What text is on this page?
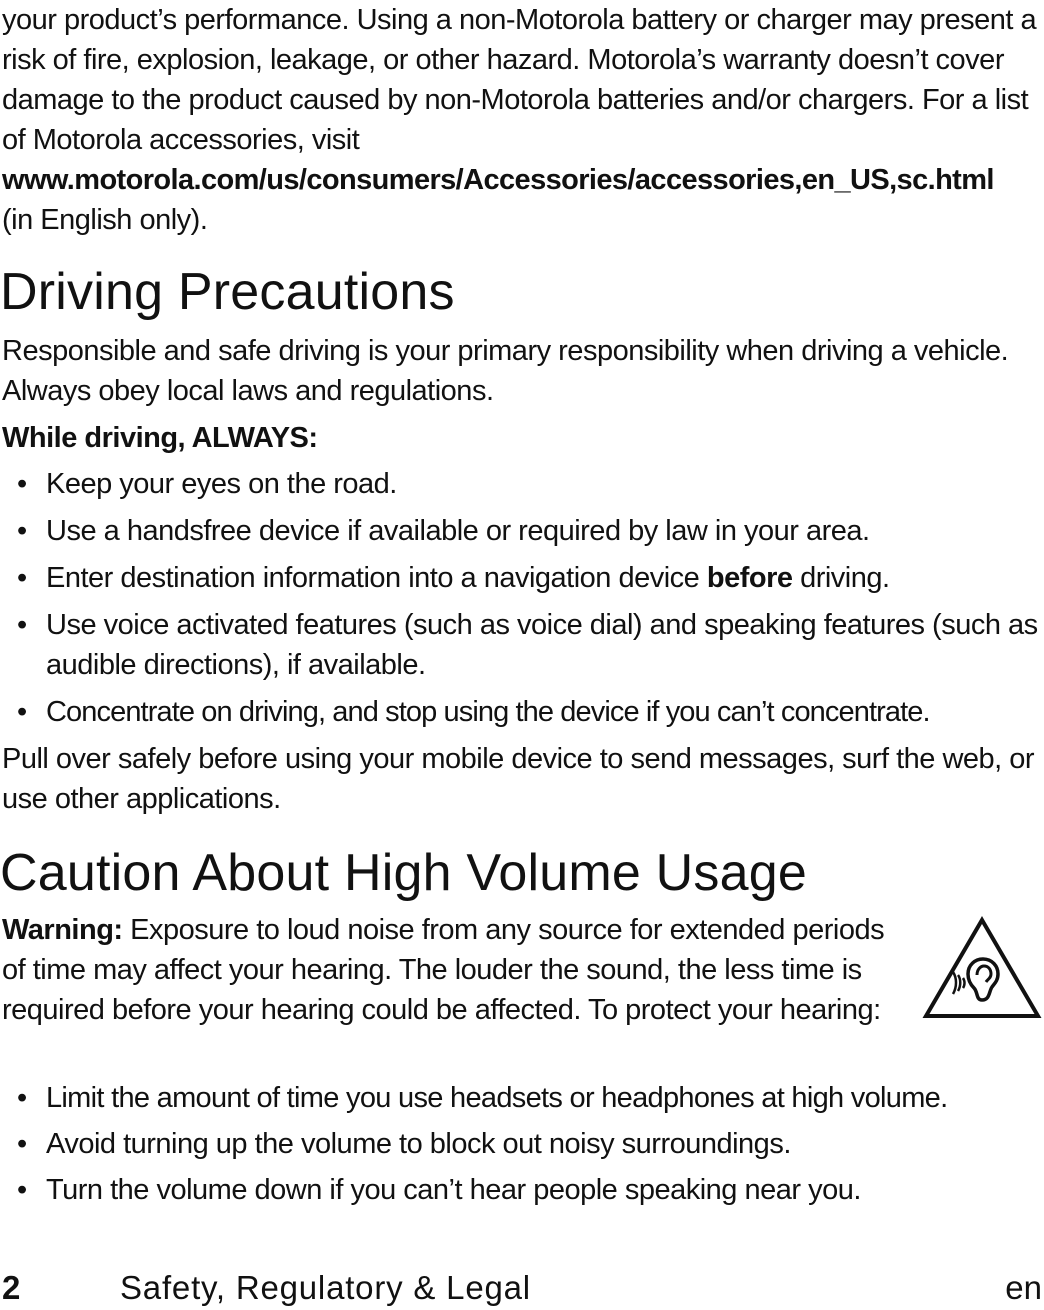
your product’s performance. Using a non-Motorola battery or charger may present a risk of fire, explosion, leakage, or other hazard. Motorola’s warranty doesn’t cover damage to the product caused by non-Motorola batteries and/or chargers. For a list of Motorola accessories, visit
www.motorola.com/us/consumers/Accessories/accessories,en_US,sc.html
(in English only).

Driving Precautions

Responsible and safe driving is your primary responsibility when driving a vehicle. Always obey local laws and regulations.

While driving, ALWAYS:

• Keep your eyes on the road.
• Use a handsfree device if available or required by law in your area.
• Enter destination information into a navigation device before driving.
• Use voice activated features (such as voice dial) and speaking features (such as audible directions), if available.
• Concentrate on driving, and stop using the device if you can’t concentrate.

Pull over safely before using your mobile device to send messages, surf the web, or use other applications.

Caution About High Volume Usage

Warning: Exposure to loud noise from any source for extended periods of time may affect your hearing. The louder the sound, the less time is required before your hearing could be affected. To protect your hearing:

• Limit the amount of time you use headsets or headphones at high volume.
• Avoid turning up the volume to block out noisy surroundings.
• Turn the volume down if you can’t hear people speaking near you.
2	Safety, Regulatory & Legal	en
